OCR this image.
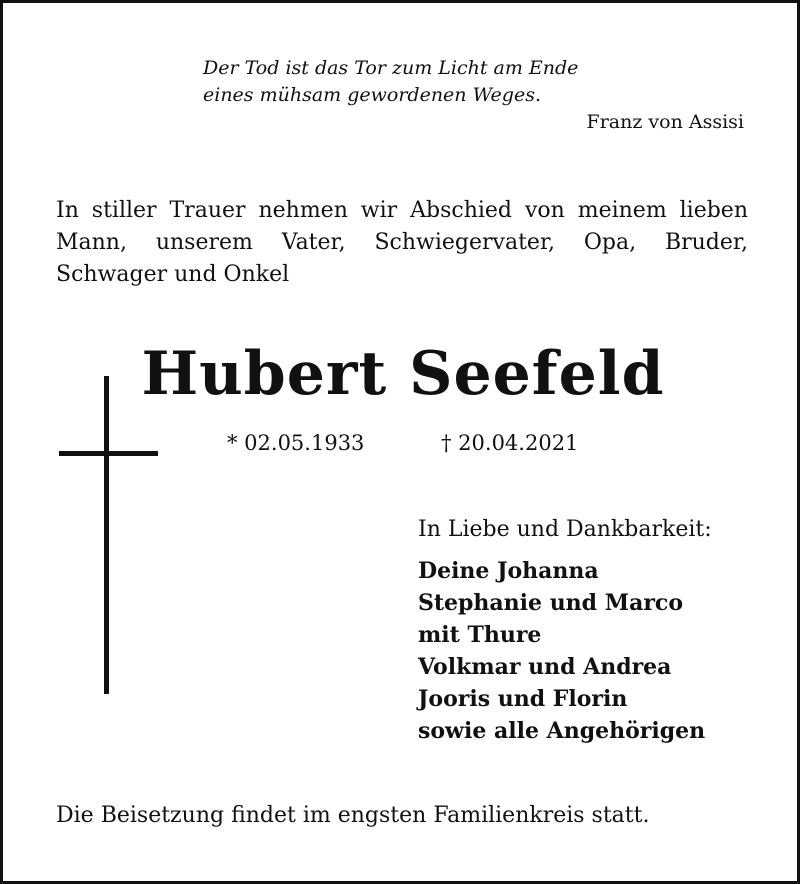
Der Tod ist das Tor zum Licht am Ende
eines mühsam gewordenen Weges.
Franz von Assisi
In stiller Trauer nehmen wir Abschied von meinem lieben Mann, unserem Vater, Schwiegervater, Opa, Bruder, Schwager und Onkel
Hubert Seefeld
* 02.05.1933	† 20.04.2021
In Liebe und Dankbarkeit:
Deine Johanna
Stephanie und Marco
mit Thure
Volkmar und Andrea
Jooris und Florin
sowie alle Angehörigen
Die Beisetzung findet im engsten Familienkreis statt.
